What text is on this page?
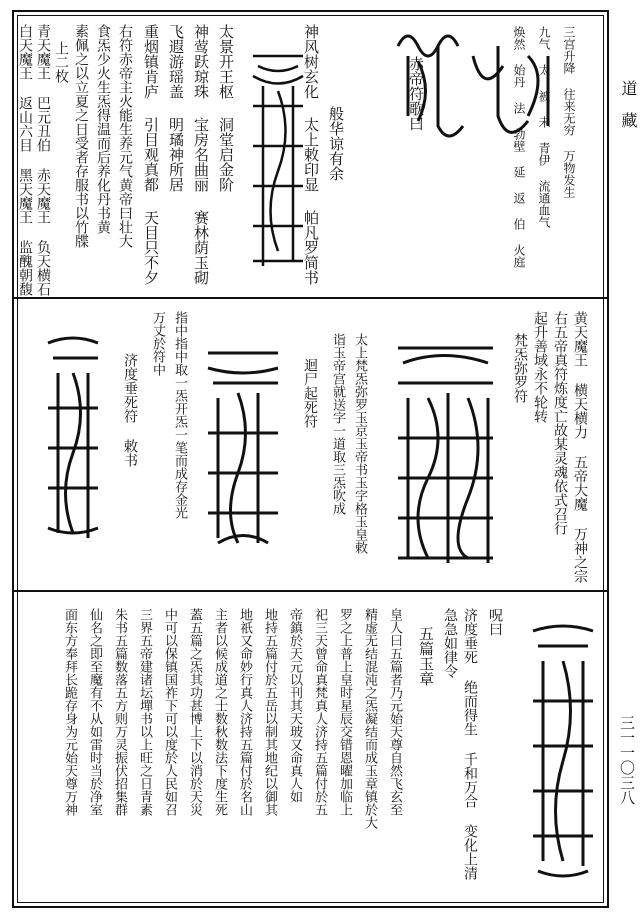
道
藏
三一一〇三八
三宫升降 往来无穷 万物发生
九气 太 被 未 青伊 流通血气
焕然 始丹 法 勃壁 延 返 伯 火庭
赤帝符歌曰
太景开王枢 洞堂启金阶
神莺跃琼珠 宝房名曲丽 赛林荫玉砌
飞遐游瑶盖 明璚神所居
重烟镇肯庐 引目观真都 天目只不夕	神风树玄化 太上敕印显 帕凡罗简书 般华谅有余
右符赤帝主火能生养元气黄帝曰壮大
食炁少火生炁得温而后养化丹书黄
素佩之以立夏之日受者存服书以竹牒
上二枚
青天魔王 巴元丑伯 赤天魔王 负天横石
白天魔王 返山六目 黑天魔王 监醜朝馥
黄天魔王 横天横力 五帝大魔 万神之宗
右五帝真符炼度亡故某灵魂依式召行
起升善域永不轮转
梵炁弥罗符
太上梵炁弥罗玉京玉帝书玉字格玉皇敕
诣玉帝宫就送字一道取三炁吹成
迴尸起死符
指中指中取一炁开炁一笔而成存金光
万丈於符中
济度垂死符 敕书
呪曰
济度垂死 绝而得生 千和万合 变化上清
急急如律令
五篇玉章
皇人曰五篇者乃元始天尊自然飞玄至
精虚无结混沌之炁凝结而成玉章镇於大
罗之上普上皇时星辰交错恩曜加临上
祀三天曾命真梵真人济持五篇付於五
帝鎮於天元以刊其天玻又命真人如
地持五篇付於五岳以制其地纪以御其
地祇又命妙行真人济持五篇付於名山
主者以候成道之士数秋数法下度生死
蓋五篇之炁其功甚博上下以消於天災
中可以保镇国祚下可以度於人民如召
三界五帝建诸坛墠书以上旺之日青素
朱书五篇数落五方则万灵振伏招集群
仙名之即至魔有不从如雷时当於净室
面东方奉拜长跪存身为元始天尊万神
